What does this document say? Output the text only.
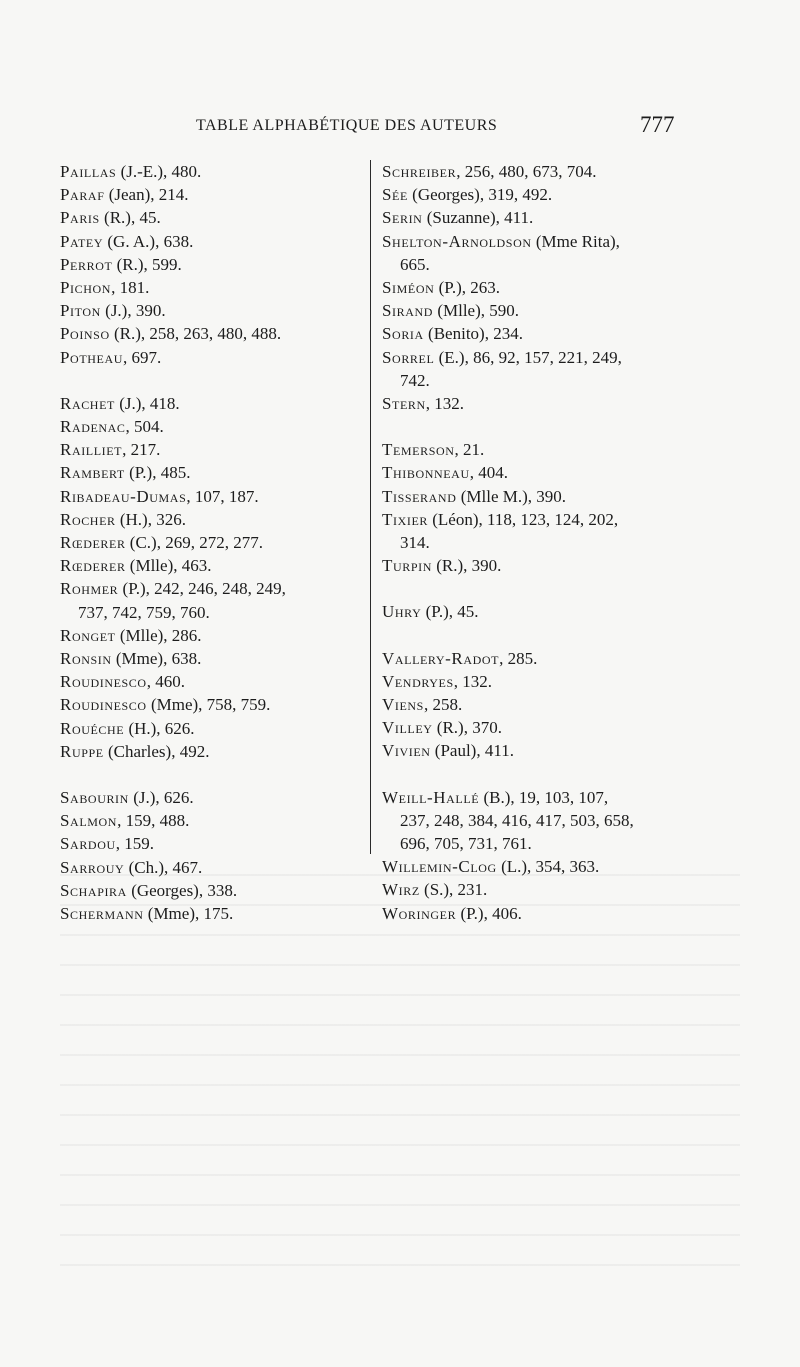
TABLE ALPHABÉTIQUE DES AUTEURS	777
Paillas (J.-E.), 480.
Paraf (Jean), 214.
Paris (R.), 45.
Patey (G. A.), 638.
Perrot (R.), 599.
Pichon, 181.
Piton (J.), 390.
Poinso (R.), 258, 263, 480, 488.
Potheau, 697.
Rachet (J.), 418.
Radenac, 504.
Railliet, 217.
Rambert (P.), 485.
Ribadeau-Dumas, 107, 187.
Rocher (H.), 326.
Rœderer (C.), 269, 272, 277.
Rœderer (Mlle), 463.
Rohmer (P.), 242, 246, 248, 249,
737, 742, 759, 760.
Ronget (Mlle), 286.
Ronsin (Mme), 638.
Roudinesco, 460.
Roudinesco (Mme), 758, 759.
Rouéche (H.), 626.
Ruppe (Charles), 492.
Sabourin (J.), 626.
Salmon, 159, 488.
Sardou, 159.
Sarrouy (Ch.), 467.
Schapira (Georges), 338.
Schermann (Mme), 175.
Schreiber, 256, 480, 673, 704.
Sée (Georges), 319, 492.
Serin (Suzanne), 411.
Shelton-Arnoldson (Mme Rita),
665.
Siméon (P.), 263.
Sirand (Mlle), 590.
Soria (Benito), 234.
Sorrel (E.), 86, 92, 157, 221, 249,
742.
Stern, 132.
Temerson, 21.
Thibonneau, 404.
Tisserand (Mlle M.), 390.
Tixier (Léon), 118, 123, 124, 202,
314.
Turpin (R.), 390.
Uhry (P.), 45.
Vallery-Radot, 285.
Vendryes, 132.
Viens, 258.
Villey (R.), 370.
Vivien (Paul), 411.
Weill-Hallé (B.), 19, 103, 107,
237, 248, 384, 416, 417, 503, 658,
696, 705, 731, 761.
Willemin-Clog (L.), 354, 363.
Wirz (S.), 231.
Woringer (P.), 406.
